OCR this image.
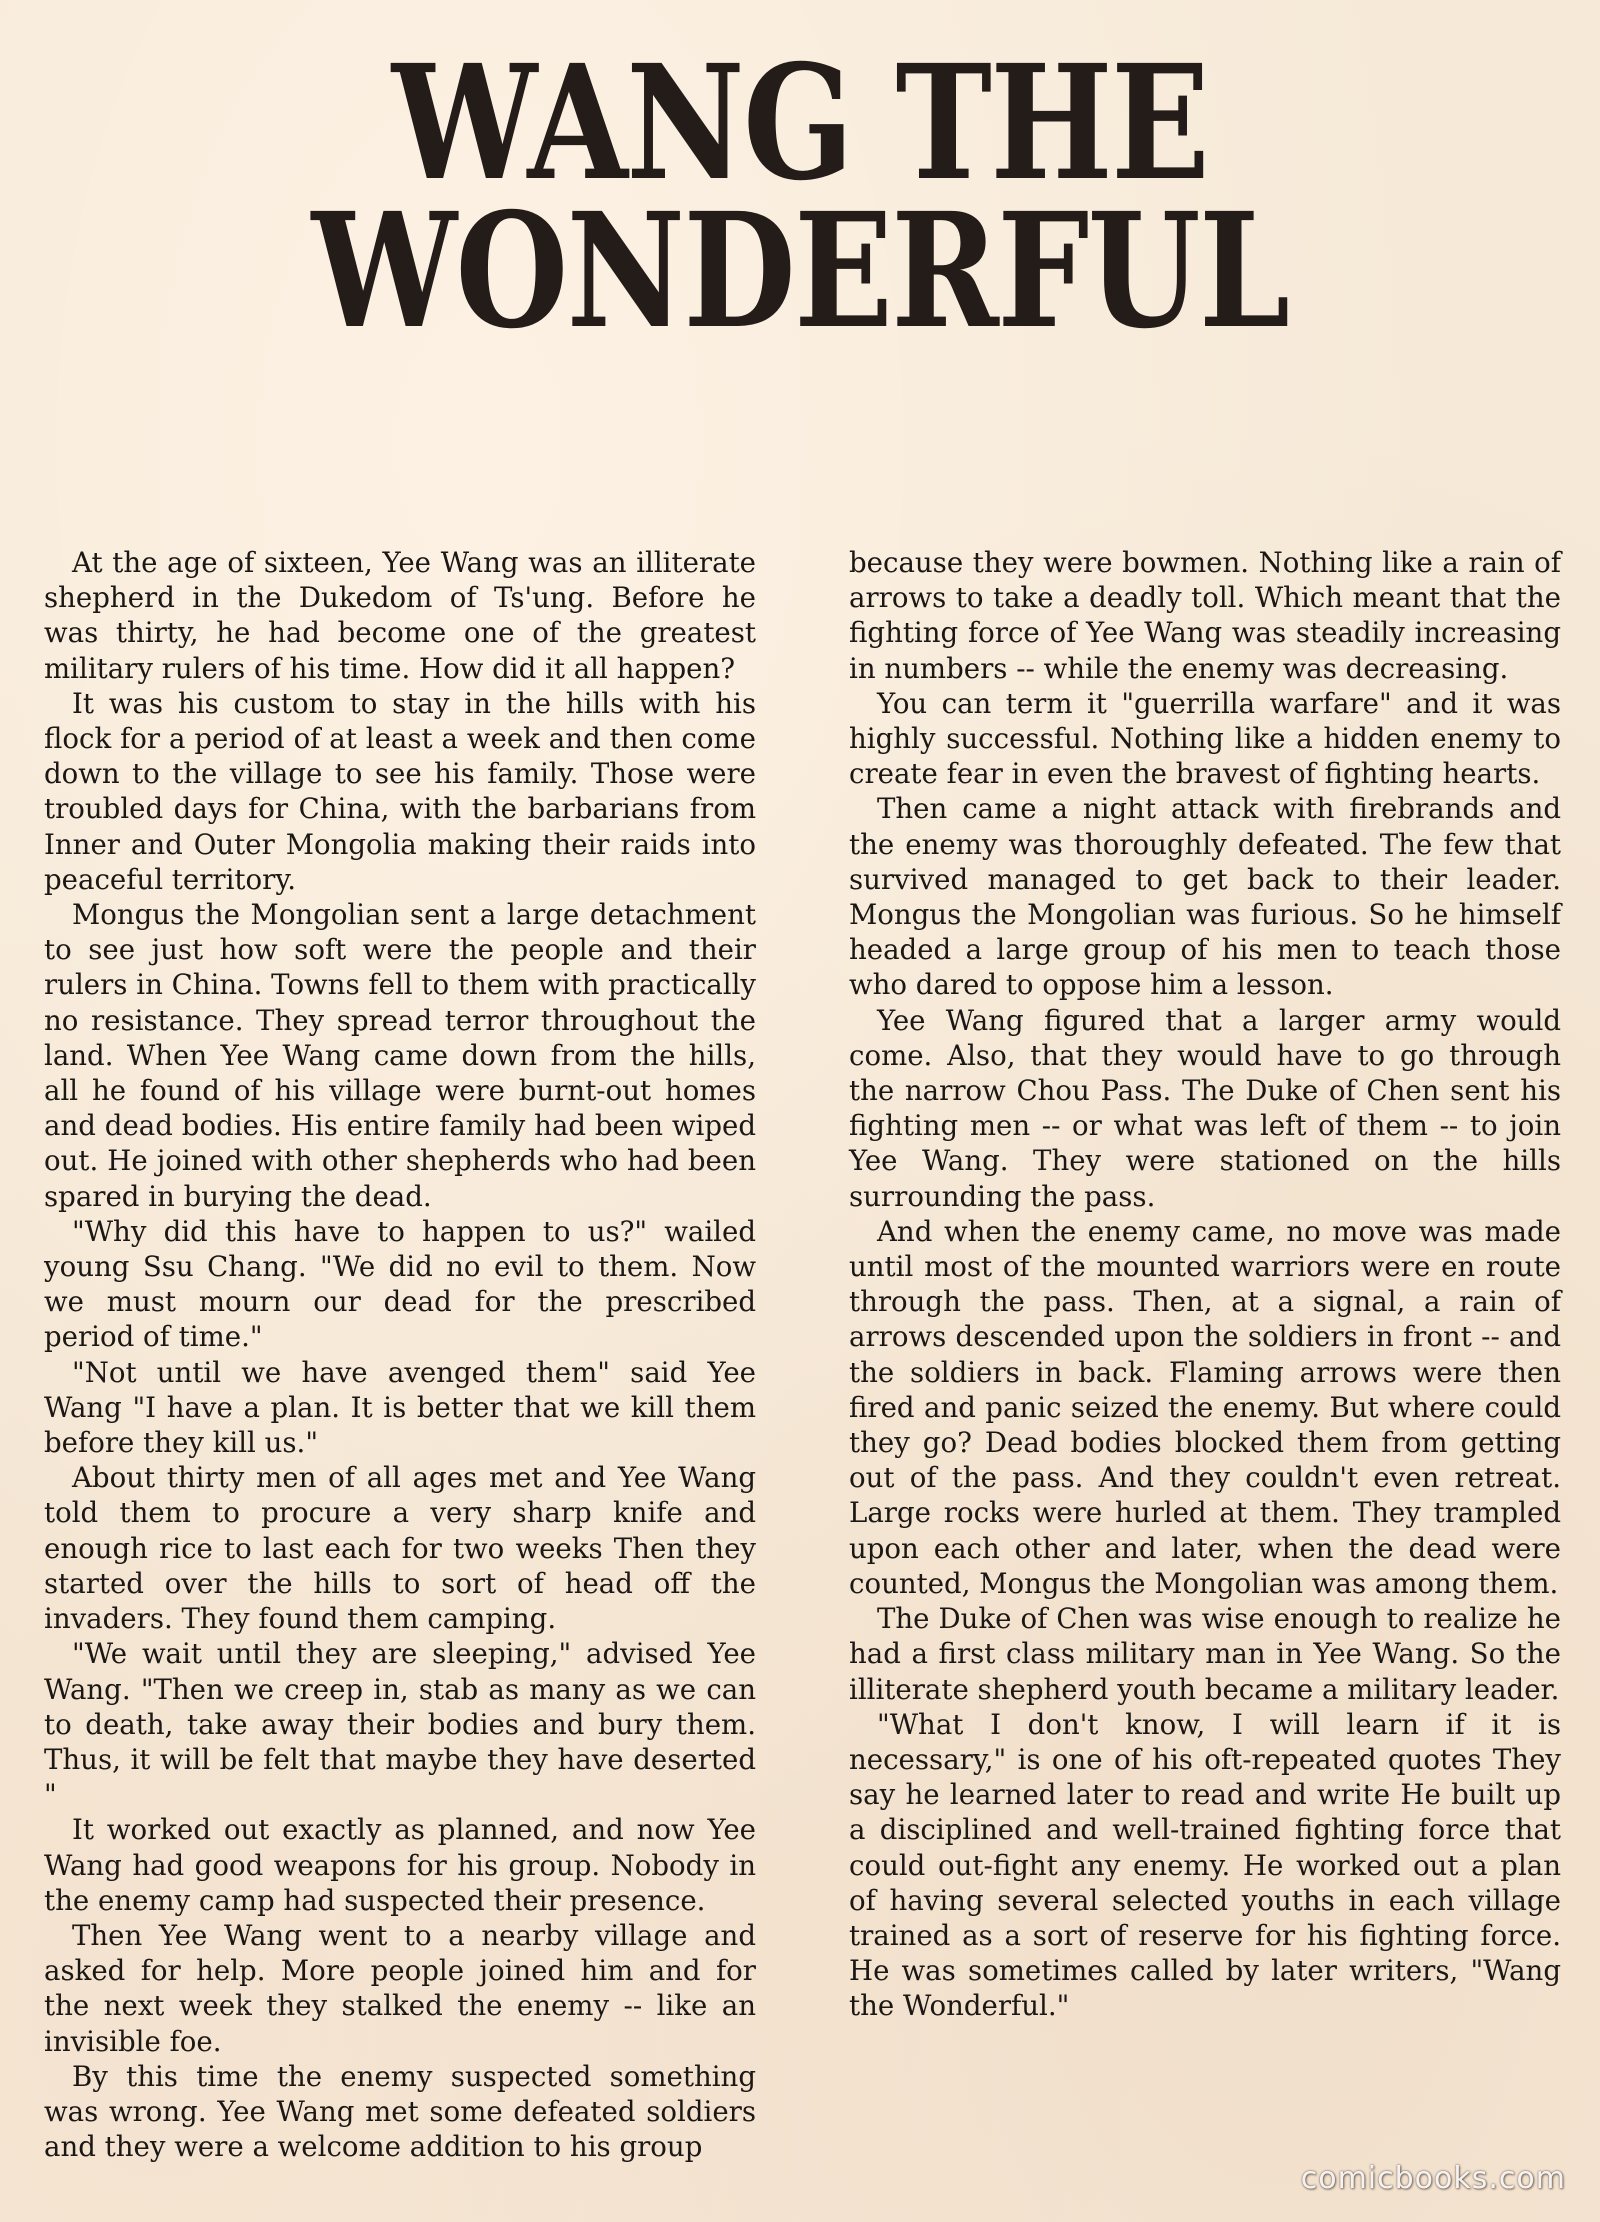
WANG THE
WONDERFUL

At the age of sixteen, Yee Wang was an illiterate shepherd in the Dukedom of Ts'ung. Before he was thirty, he had become one of the greatest military rulers of his time. How did it all happen?

It was his custom to stay in the hills with his flock for a period of at least a week and then come down to the village to see his family. Those were troubled days for China, with the barbarians from Inner and Outer Mongolia making their raids into peaceful territory.

Mongus the Mongolian sent a large detachment to see just how soft were the people and their rulers in China. Towns fell to them with practically no resistance. They spread terror throughout the land. When Yee Wang came down from the hills, all he found of his village were burnt-out homes and dead bodies. His entire family had been wiped out. He joined with other shepherds who had been spared in burying the dead.

"Why did this have to happen to us?" wailed young Ssu Chang. "We did no evil to them. Now we must mourn our dead for the prescribed period of time."

"Not until we have avenged them" said Yee Wang "I have a plan. It is better that we kill them before they kill us."

About thirty men of all ages met and Yee Wang told them to procure a very sharp knife and enough rice to last each for two weeks Then they started over the hills to sort of head off the invaders. They found them camping.

"We wait until they are sleeping," advised Yee Wang. "Then we creep in, stab as many as we can to death, take away their bodies and bury them. Thus, it will be felt that maybe they have deserted "

It worked out exactly as planned, and now Yee Wang had good weapons for his group. Nobody in the enemy camp had suspected their presence.

Then Yee Wang went to a nearby village and asked for help. More people joined him and for the next week they stalked the enemy -- like an invisible foe.

By this time the enemy suspected something was wrong. Yee Wang met some defeated soldiers and they were a welcome addition to his group

because they were bowmen. Nothing like a rain of arrows to take a deadly toll. Which meant that the fighting force of Yee Wang was steadily increasing in numbers -- while the enemy was decreasing.

You can term it "guerrilla warfare" and it was highly successful. Nothing like a hidden enemy to create fear in even the bravest of fighting hearts.

Then came a night attack with firebrands and the enemy was thoroughly defeated. The few that survived managed to get back to their leader. Mongus the Mongolian was furious. So he himself headed a large group of his men to teach those who dared to oppose him a lesson.

Yee Wang figured that a larger army would come. Also, that they would have to go through the narrow Chou Pass. The Duke of Chen sent his fighting men -- or what was left of them -- to join Yee Wang. They were stationed on the hills surrounding the pass.

And when the enemy came, no move was made until most of the mounted warriors were en route through the pass. Then, at a signal, a rain of arrows descended upon the soldiers in front -- and the soldiers in back. Flaming arrows were then fired and panic seized the enemy. But where could they go? Dead bodies blocked them from getting out of the pass. And they couldn't even retreat. Large rocks were hurled at them. They trampled upon each other and later, when the dead were counted, Mongus the Mongolian was among them.

The Duke of Chen was wise enough to realize he had a first class military man in Yee Wang. So the illiterate shepherd youth became a military leader.

"What I don't know, I will learn if it is necessary," is one of his oft-repeated quotes They say he learned later to read and write He built up a disciplined and well-trained fighting force that could out-fight any enemy. He worked out a plan of having several selected youths in each village trained as a sort of reserve for his fighting force. He was sometimes called by later writers, "Wang the Wonderful."

comicbooks.com
